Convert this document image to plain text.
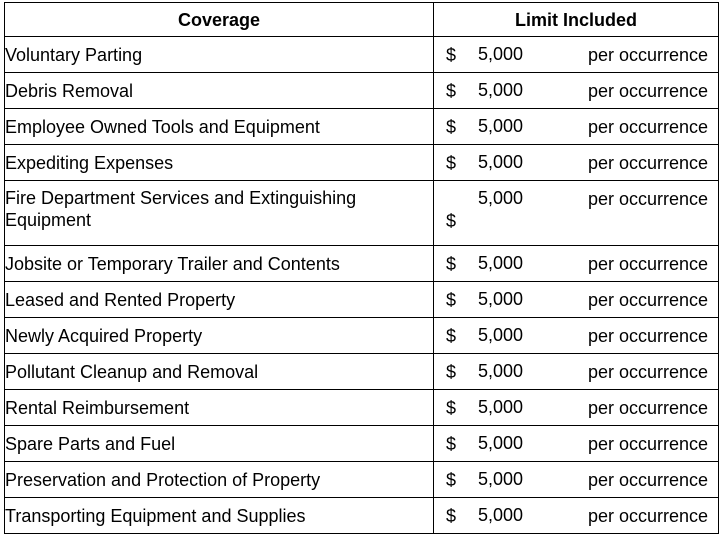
Coverage	Limit Included
Voluntary Parting	$ 5,000 per occurrence

Debris Removal	$ 5,000 per occurrence

Employee Owned Tools and Equipment	$ 5,000 per occurrence

Expediting Expenses	$ 5,000 per occurrence

Fire Department Services and Extinguishing Equipment	$
5,000 per occurrence

Jobsite or Temporary Trailer and Contents	$ 5,000 per occurrence

Leased and Rented Property	$ 5,000 per occurrence

Newly Acquired Property	$ 5,000 per occurrence

Pollutant Cleanup and Removal	$ 5,000 per occurrence

Rental Reimbursement	$ 5,000 per occurrence

Spare Parts and Fuel	$ 5,000 per occurrence

Preservation and Protection of Property	$ 5,000 per occurrence

Transporting Equipment and Supplies	$ 5,000 per occurrence
